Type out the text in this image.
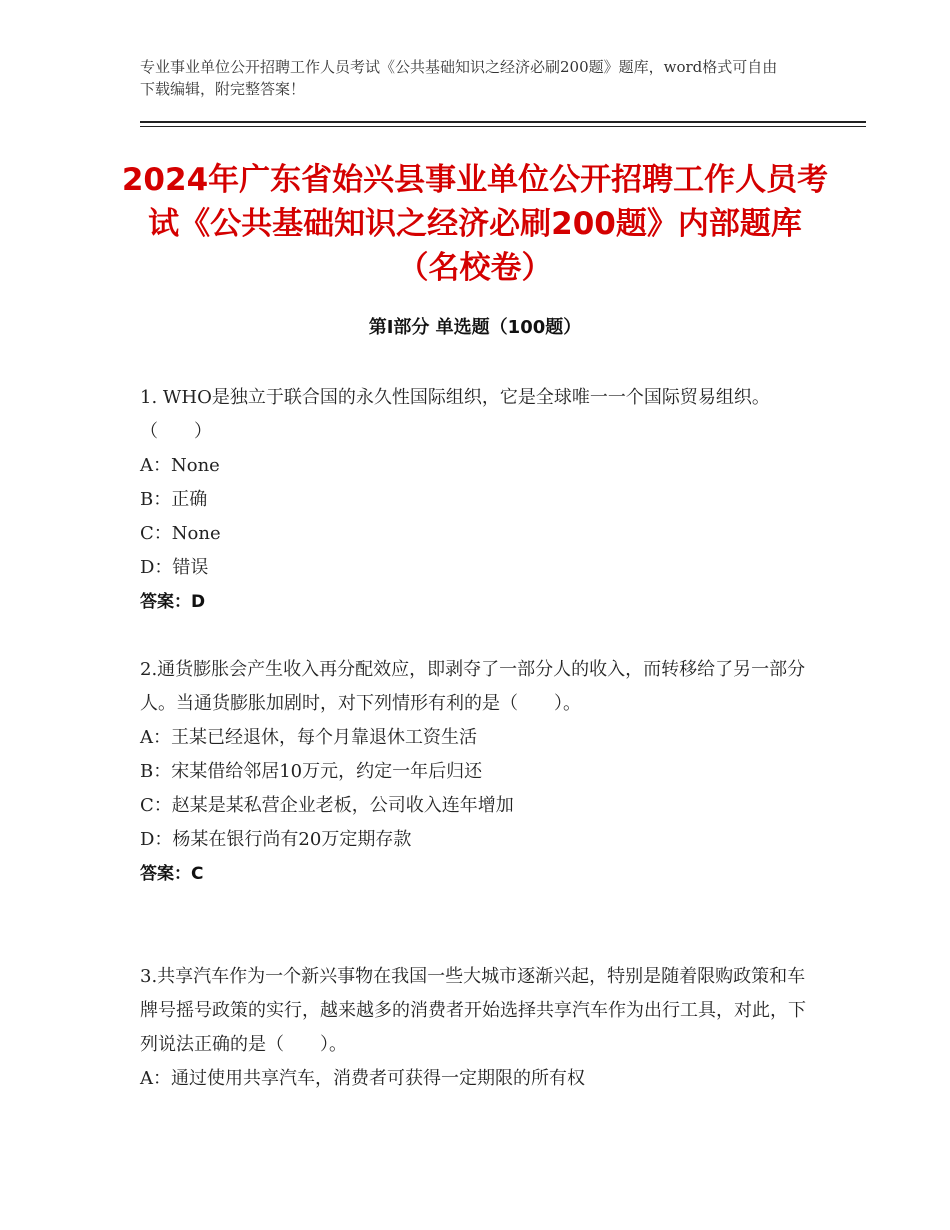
专业事业单位公开招聘工作人员考试《公共基础知识之经济必刷200题》题库，word格式可自由下载编辑，附完整答案！
2024年广东省始兴县事业单位公开招聘工作人员考试《公共基础知识之经济必刷200题》内部题库（名校卷）
第Ⅰ部分 单选题（100题）
1. WHO是独立于联合国的永久性国际组织，它是全球唯一一个国际贸易组织。（　　）
A：None
B：正确
C：None
D：错误
答案：D
2.通货膨胀会产生收入再分配效应，即剥夺了一部分人的收入，而转移给了另一部分人。当通货膨胀加剧时，对下列情形有利的是（　　）。
A：王某已经退休，每个月靠退休工资生活
B：宋某借给邻居10万元，约定一年后归还
C：赵某是某私营企业老板，公司收入连年增加
D：杨某在银行尚有20万定期存款
答案：C
3.共享汽车作为一个新兴事物在我国一些大城市逐渐兴起，特别是随着限购政策和车牌号摇号政策的实行，越来越多的消费者开始选择共享汽车作为出行工具，对此，下列说法正确的是（　　）。
A：通过使用共享汽车，消费者可获得一定期限的所有权
